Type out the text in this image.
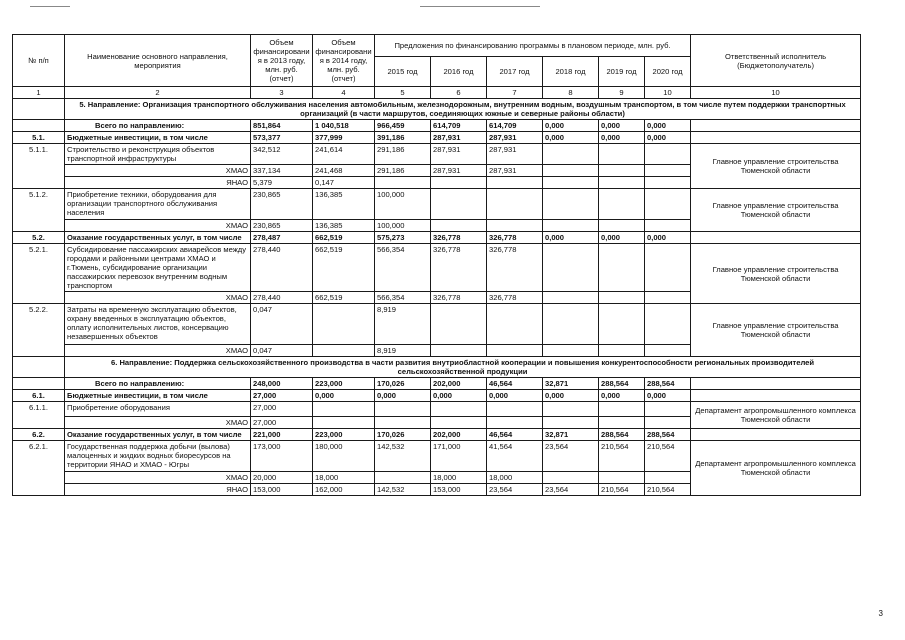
№ п/п	Наименование основного направления, мероприятия	Объем финансировани я в 2013 году, млн. руб. (отчет)	Объем финансировани я в 2014 году, млн. руб. (отчет)	Предложения по финансированию программы в плановом периоде, млн. руб.						Ответственный исполнитель (Бюджетополучатель)
				2015 год	2016 год	2017 год	2018 год	2019 год	2020 год	
1	2	3	4	5	6	7	8	9	10	10
	5. Направление: Организация транспортного обслуживания населения автомобильным, железнодорожным, внутренним водным, воздушным транспортом, в том числе путем поддержки транспортных организаций (в части маршрутов, соединяющих южные и северные районы области)									
	Всего по направлению:	851,864	1 040,518	966,459	614,709	614,709	0,000	0,000	0,000	
5.1.	Бюджетные инвестиции, в том числе	573,377	377,999	391,186	287,931	287,931	0,000	0,000	0,000	
5.1.1.	Строительство и реконструкция объектов транспортной инфраструктуры	342,512	241,614	291,186	287,931	287,931				Главное управление строительства Тюменской области

	ХМАО	337,134	241,468	291,186	287,931	287,931				

	ЯНАО	5,379	0,147							
5.1.2.	Приобретение техники, оборудования для организации транспортного обслуживания населения	230,865	136,385	100,000						Главное управление строительства Тюменской области

	ХМАО	230,865	136,385	100,000						
5.2.	Оказание государственных услуг, в том числе	278,487	662,519	575,273	326,778	326,778	0,000	0,000	0,000	
5.2.1.	Субсидирование пассажирских авиарейсов между городами и районными центрами ХМАО и г.Тюмень, субсидирование организации пассажирских перевозок внутренним водным транспортом	278,440	662,519	566,354	326,778	326,778				Главное управление строительства Тюменской области

	ХМАО	278,440	662,519	566,354	326,778	326,778				
5.2.2.	Затраты на временную эксплуатацию объектов, охрану введенных в эксплуатацию объектов, оплату исполнительных листов, консервацию незавершенных объектов	0,047		8,919						Главное управление строительства Тюменской области

	ХМАО	0,047		8,919						
	6. Направление: Поддержка сельскохозяйственного производства в части развития внутриобластной кооперации и повышения конкурентоспособности региональных производителей сельскохозяйственной продукции									
	Всего по направлению:	248,000	223,000	170,026	202,000	46,564	32,871	288,564	288,564	
6.1.	Бюджетные инвестиции, в том числе	27,000	0,000	0,000	0,000	0,000	0,000	0,000	0,000	
6.1.1.	Приобретение оборудования	27,000								Департамент агропромышленного комплекса Тюменской области

	ХМАО	27,000								
6.2.	Оказание государственных услуг, в том числе	221,000	223,000	170,026	202,000	46,564	32,871	288,564	288,564	
6.2.1.	Государственная поддержка добычи (вылова) малоценных и жидких водных биоресурсов на территории ЯНАО и ХМАО - Югры	173,000	180,000	142,532	171,000	41,564	23,564	210,564	210,564	Департамент агропромышленного комплекса Тюменской области

	ХМАО	20,000	18,000		18,000	18,000				

	ЯНАО	153,000	162,000	142,532	153,000	23,564	23,564	210,564	210,564	
3
